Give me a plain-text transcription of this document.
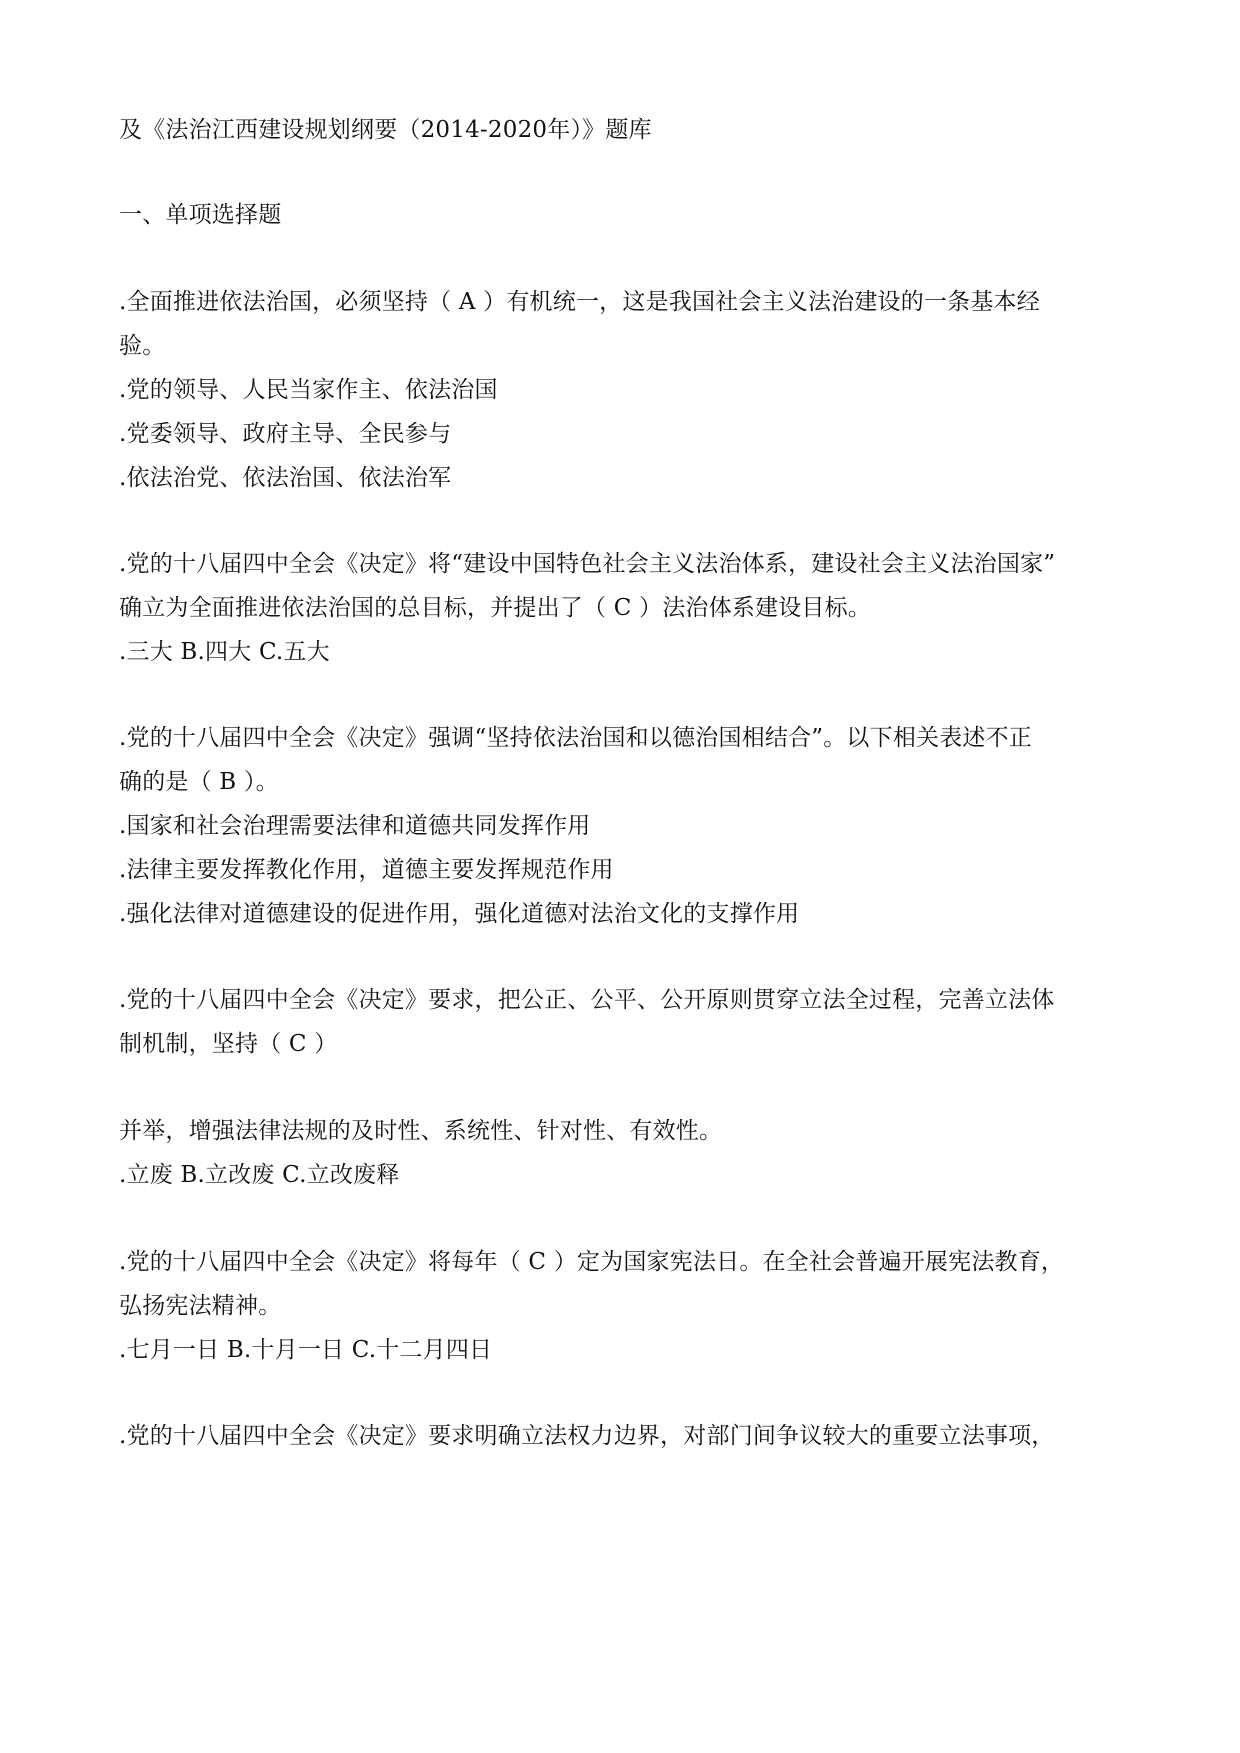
及《法治江西建设规划纲要（2014-2020年）》题库
一、单项选择题
.全面推进依法治国，必须坚持（ A ）有机统一，这是我国社会主义法治建设的一条基本经
验。
.党的领导、人民当家作主、依法治国
.党委领导、政府主导、全民参与
.依法治党、依法治国、依法治军
.党的十八届四中全会《决定》将“建设中国特色社会主义法治体系，建设社会主义法治国家”
确立为全面推进依法治国的总目标，并提出了（ C ）法治体系建设目标。
.三大 B.四大 C.五大
.党的十八届四中全会《决定》强调“坚持依法治国和以德治国相结合”。以下相关表述不正
确的是（ B ）。
.国家和社会治理需要法律和道德共同发挥作用
.法律主要发挥教化作用，道德主要发挥规范作用
.强化法律对道德建设的促进作用，强化道德对法治文化的支撑作用
.党的十八届四中全会《决定》要求，把公正、公平、公开原则贯穿立法全过程，完善立法体
制机制，坚持（ C ）
并举，增强法律法规的及时性、系统性、针对性、有效性。
.立废 B.立改废 C.立改废释
.党的十八届四中全会《决定》将每年（ C ）定为国家宪法日。在全社会普遍开展宪法教育，
弘扬宪法精神。
.七月一日 B.十月一日 C.十二月四日
.党的十八届四中全会《决定》要求明确立法权力边界，对部门间争议较大的重要立法事项，
